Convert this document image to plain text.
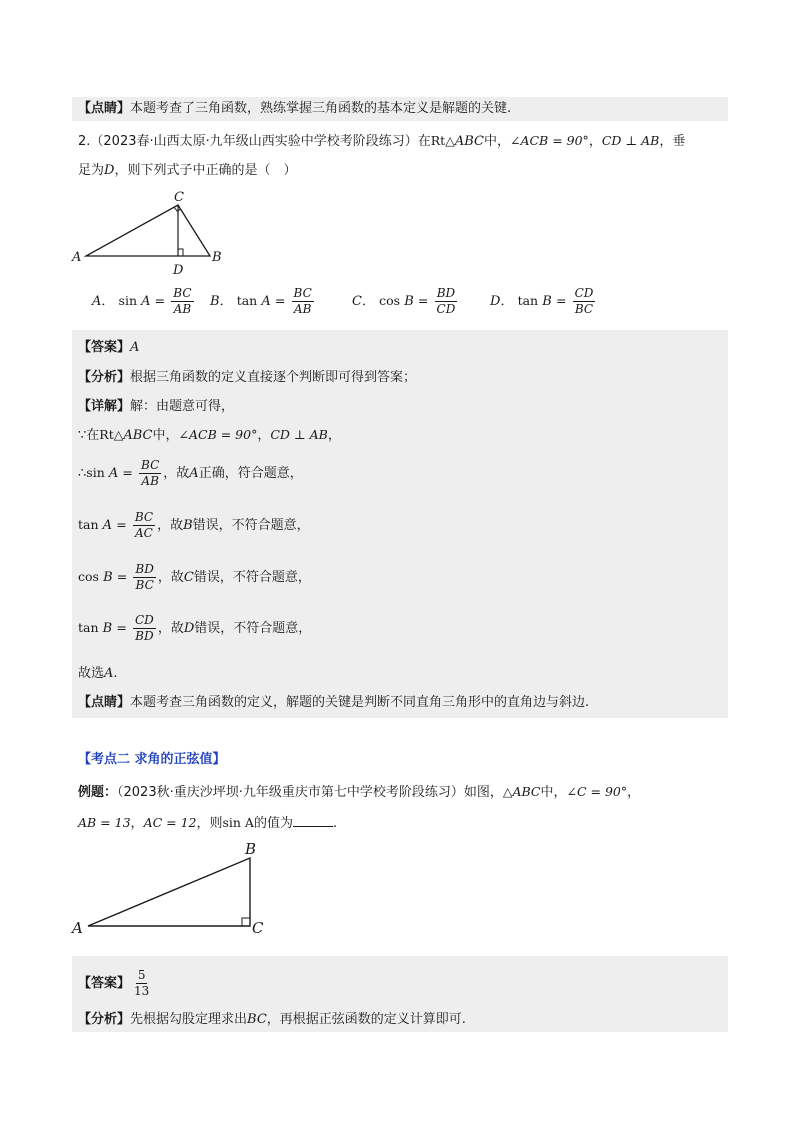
【点睛】本题考查了三角函数，熟练掌握三角函数的基本定义是解题的关键.
2.（2023春·山西太原·九年级山西实验中学校考阶段练习）在Rt△ABC中，∠ACB = 90°，CD ⊥ AB，垂
足为D，则下列式子中正确的是（　）
A	B
C
D
A． $\sin A = \frac{BC}{AB}$ B． $\tan A = \frac{BC}{AB}$	C． $\cos B = \frac{BD}{CD}$	D． $\tan B = \frac{CD}{BC}$
【答案】A
【分析】根据三角函数的定义直接逐个判断即可得到答案；
【详解】解：由题意可得，
∵在Rt△ABC中，∠ACB = 90°，CD ⊥ AB，
∴sin $A = \frac{BC}{AB}$ ，故A正确，符合题意，
$\tan A = \frac{BC}{AC}$ ，故B错误，不符合题意，
$\cos B = \frac{BD}{BC}$ ，故C错误，不符合题意，
$\tan B = \frac{CD}{BD}$ ，故D错误，不符合题意，
故选A.
【点睛】本题考查三角函数的定义，解题的关键是判断不同直角三角形中的直角边与斜边.
【考点二 求角的正弦值】
例题：（2023秋·重庆沙坪坝·九年级重庆市第七中学校考阶段练习）如图，△ABC中，∠C = 90°，
AB = 13，AC = 12，则sin A的值为	.
A
B
C
【答案】 $\frac{5}{13}$
【分析】先根据勾股定理求出BC，再根据正弦函数的定义计算即可.
